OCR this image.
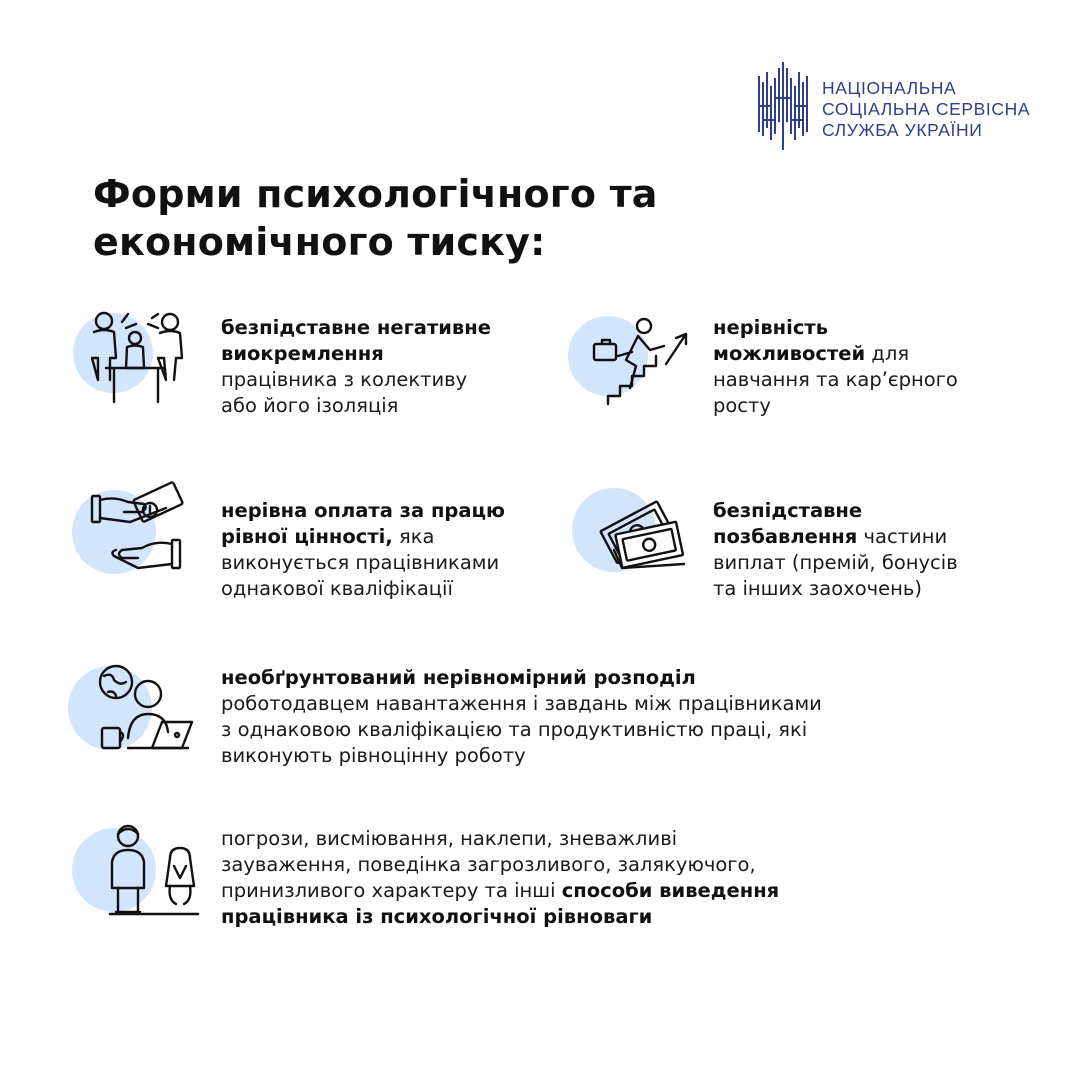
НАЦІОНАЛЬНА
СОЦІАЛЬНА СЕРВІСНА
СЛУЖБА УКРАЇНИ
Форми психологічного та
економічного тиску:
безпідставне негативне
виокремлення
працівника з колективу
або його ізоляція
нерівність
можливостей для
навчання та кар’єрного
росту
нерівна оплата за працю
рівної цінності, яка
виконується працівниками
однакової кваліфікації
безпідставне
позбавлення частини
виплат (премій, бонусів
та інших заохочень)
необґрунтований нерівномірний розподіл
роботодавцем навантаження і завдань між працівниками
з однаковою кваліфікацією та продуктивністю праці, які
виконують рівноцінну роботу
погрози, висміювання, наклепи, зневажливі
зауваження, поведінка загрозливого, залякуючого,
принизливого характеру та інші способи виведення
працівника із психологічної рівноваги
